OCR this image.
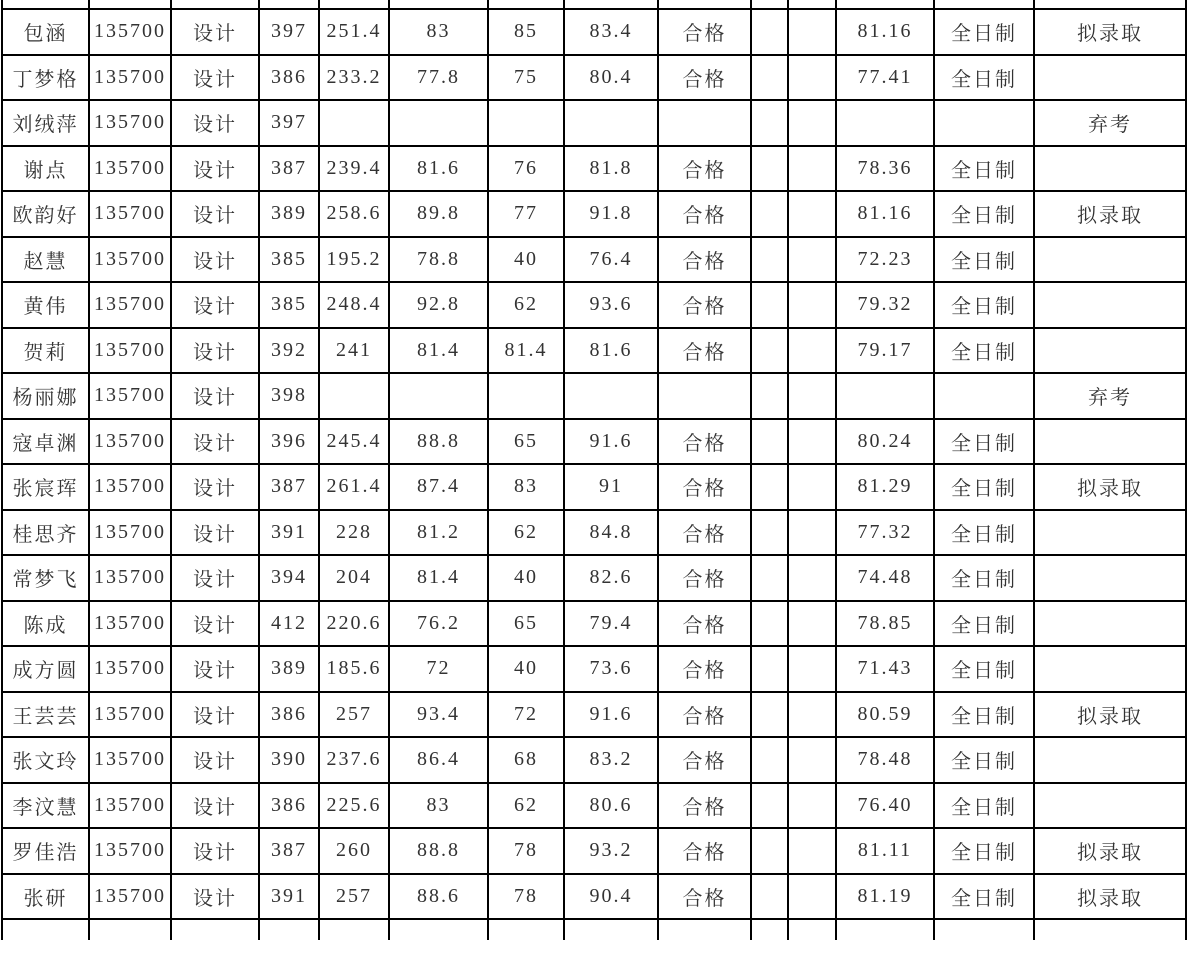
包涵	135700	设计	397	251.4	83	85	83.4	合格			81.16	全日制	拟录取
丁梦格	135700	设计	386	233.2	77.8	75	80.4	合格			77.41	全日制	
刘绒萍	135700	设计	397										弃考
谢点	135700	设计	387	239.4	81.6	76	81.8	合格			78.36	全日制	
欧韵好	135700	设计	389	258.6	89.8	77	91.8	合格			81.16	全日制	拟录取
赵慧	135700	设计	385	195.2	78.8	40	76.4	合格			72.23	全日制	
黄伟	135700	设计	385	248.4	92.8	62	93.6	合格			79.32	全日制	
贺莉	135700	设计	392	241	81.4	81.4	81.6	合格			79.17	全日制	
杨丽娜	135700	设计	398										弃考
寇卓渊	135700	设计	396	245.4	88.8	65	91.6	合格			80.24	全日制	
张宸珲	135700	设计	387	261.4	87.4	83	91	合格			81.29	全日制	拟录取
桂思齐	135700	设计	391	228	81.2	62	84.8	合格			77.32	全日制	
常梦飞	135700	设计	394	204	81.4	40	82.6	合格			74.48	全日制	
陈成	135700	设计	412	220.6	76.2	65	79.4	合格			78.85	全日制	
成方圆	135700	设计	389	185.6	72	40	73.6	合格			71.43	全日制	
王芸芸	135700	设计	386	257	93.4	72	91.6	合格			80.59	全日制	拟录取
张文玲	135700	设计	390	237.6	86.4	68	83.2	合格			78.48	全日制	
李汶慧	135700	设计	386	225.6	83	62	80.6	合格			76.40	全日制	
罗佳浩	135700	设计	387	260	88.8	78	93.2	合格			81.11	全日制	拟录取
张研	135700	设计	391	257	88.6	78	90.4	合格			81.19	全日制	拟录取
